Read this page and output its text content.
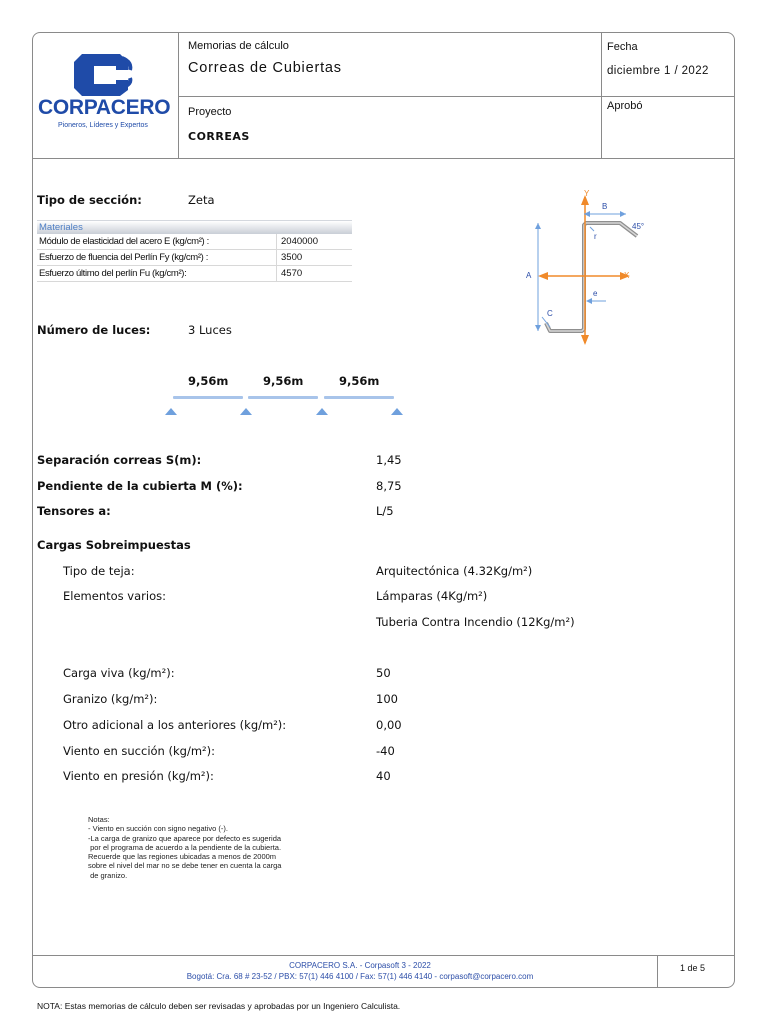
CORPACERO
Pioneros, Líderes y Expertos
Memorias de cálculo
Correas de Cubiertas
Fecha
diciembre 1 / 2022
Proyecto
CORREAS
Aprobó
Tipo de sección:	Zeta
Materiales
Módulo de elasticidad del acero E (kg/cm²) :	2040000
Esfuerzo de fluencia del Perlín Fy (kg/cm²) :	3500
Esfuerzo último del perlín Fu (kg/cm²):	4570
Y
X
B
45°
r
A
e
C
Número de luces:	3 Luces
9,56m	9,56m	9,56m
Separación correas S(m):	1,45
Pendiente de la cubierta M (%):	8,75
Tensores a:	L/5
Cargas Sobreimpuestas
Tipo de teja:	Arquitectónica (4.32Kg/m²)
Elementos varios:	Lámparas (4Kg/m²)
Tuberia Contra Incendio (12Kg/m²)
Carga viva (kg/m²):	50
Granizo (kg/m²):	100
Otro adicional a los anteriores (kg/m²):	0,00
Viento en succión (kg/m²):	-40
Viento en presión (kg/m²):	40
Notas:
- Viento en succión con signo negativo (-).
-La carga de granizo que aparece por defecto es sugerida
por el programa de acuerdo a la pendiente de la cubierta.
Recuerde que las regiones ubicadas a menos de 2000m
sobre el nivel del mar no se debe tener en cuenta la carga
de granizo.
CORPACERO S.A. - Corpasoft 3 - 2022
Bogotá: Cra. 68 # 23-52 / PBX: 57(1) 446 4100 / Fax: 57(1) 446 4140 - corpasoft@corpacero.com
1 de 5
NOTA: Estas memorias de cálculo deben ser revisadas y aprobadas por un Ingeniero Calculista.
